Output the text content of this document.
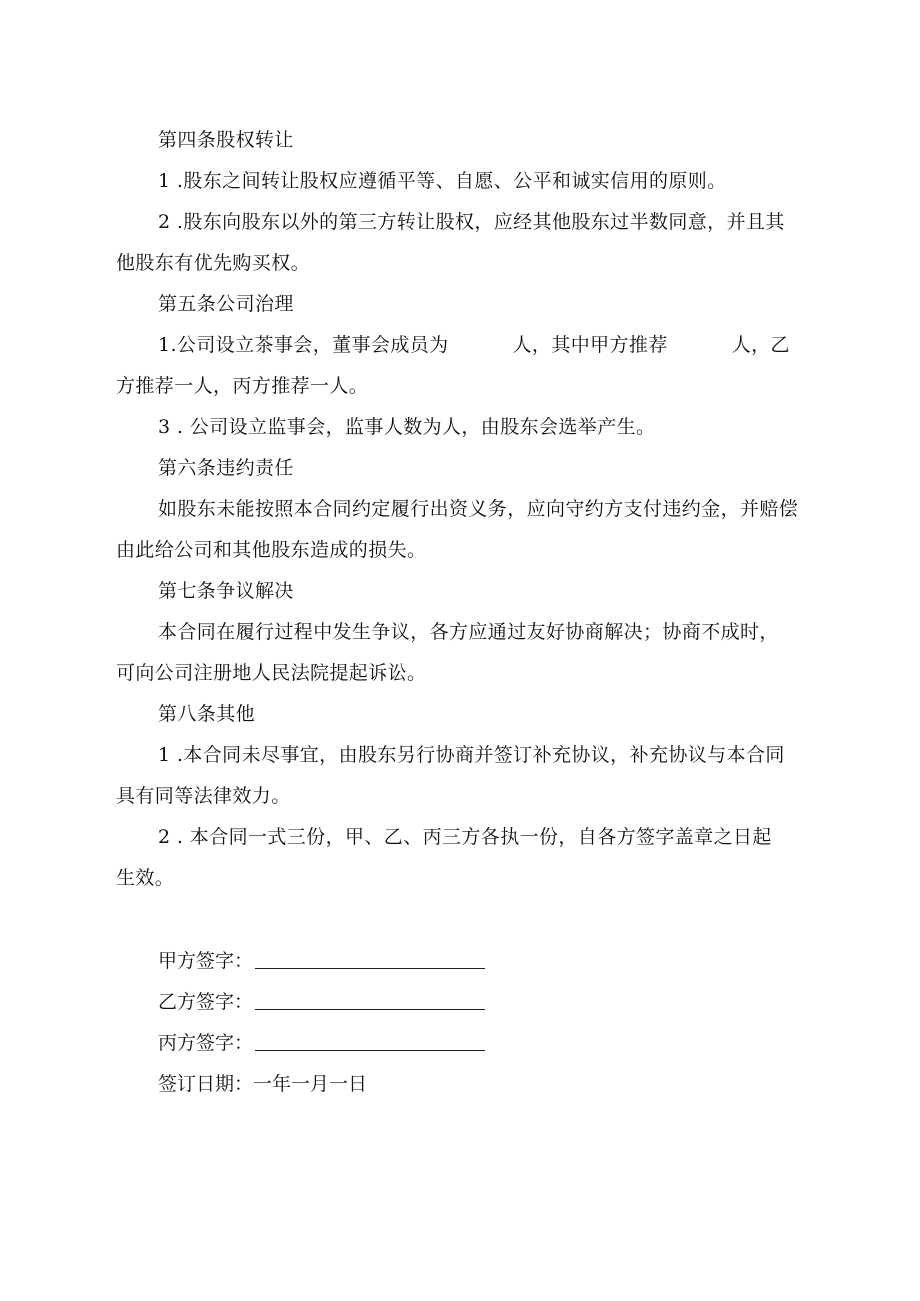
第四条股权转让
1 .股东之间转让股权应遵循平等、自愿、公平和诚实信用的原则。
2 .股东向股东以外的第三方转让股权，应经其他股东过半数同意，并且其
他股东有优先购买权。
第五条公司治理
1.公司设立茶事会，董事会成员为	人，其中甲方推荐	人，乙
方推荐一人，丙方推荐一人。
3 . 公司设立监事会，监事人数为人，由股东会选举产生。
第六条违约责任
如股东未能按照本合同约定履行出资义务，应向守约方支付违约金，并赔偿
由此给公司和其他股东造成的损失。
第七条争议解决
本合同在履行过程中发生争议，各方应通过友好协商解决；协商不成时，
可向公司注册地人民法院提起诉讼。
第八条其他
1 .本合同未尽事宜，由股东另行协商并签订补充协议，补充协议与本合同
具有同等法律效力。
2 . 本合同一式三份，甲、乙、丙三方各执一份，自各方签字盖章之日起
生效。
甲方签字：
乙方签字：
丙方签字：
签订日期： 一年一月一日
